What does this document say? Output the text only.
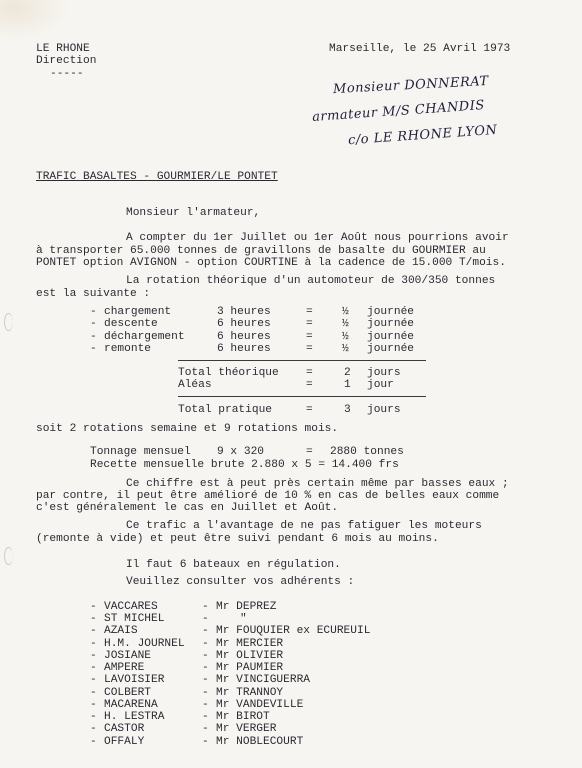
LE RHONE
Direction
-----
Marseille, le 25 Avril 1973
Monsieur DONNERAT
armateur M/S CHANDIS
c/o LE RHONE LYON
TRAFIC BASALTES - GOURMIER/LE PONTET
Monsieur l'armateur,
A compter du 1er Juillet ou 1er Août nous pourrions avoir
à transporter 65.000 tonnes de gravillons de basalte du GOURMIER au
PONTET option AVIGNON - option COURTINE à la cadence de 15.000 T/mois.
La rotation théorique d'un automoteur de 300/350 tonnes
est la suivante :
- chargement	3 heures	=	½ journée
- descente	6 heures	=	½ journée
- déchargement	6 heures	=	½ journée
- remonte	6 heures	=	½ journée
Total théorique =	2 jours
Aléas	=	1 jour
Total pratique	=	3 jours
soit 2 rotations semaine et 9 rotations mois.
Tonnage mensuel 9 x 320	= 2880 tonnes
Recette mensuelle brute 2.880 x 5 = 14.400 frs
Ce chiffre est à peut près certain même par basses eaux ;
par contre, il peut être amélioré de 10 % en cas de belles eaux comme
c'est généralement le cas en Juillet et Août.
Ce trafic a l'avantage de ne pas fatiguer les moteurs
(remonte à vide) et peut être suivi pendant 6 mois au moins.
Il faut 6 bateaux en régulation.
Veuillez consulter vos adhérents :
- VACCARES	- Mr DEPREZ
- ST MICHEL	-	"
- AZAIS	- Mr FOUQUIER ex ECUREUIL
- H.M. JOURNEL - Mr MERCIER
- JOSIANE	- Mr OLIVIER
- AMPERE	- Mr PAUMIER
- LAVOISIER	- Mr VINCIGUERRA
- COLBERT	- Mr TRANNOY
- MACARENA	- Mr VANDEVILLE
- H. LESTRA	- Mr BIROT
- CASTOR	- Mr VERGER
- OFFALY	- Mr NOBLECOURT
